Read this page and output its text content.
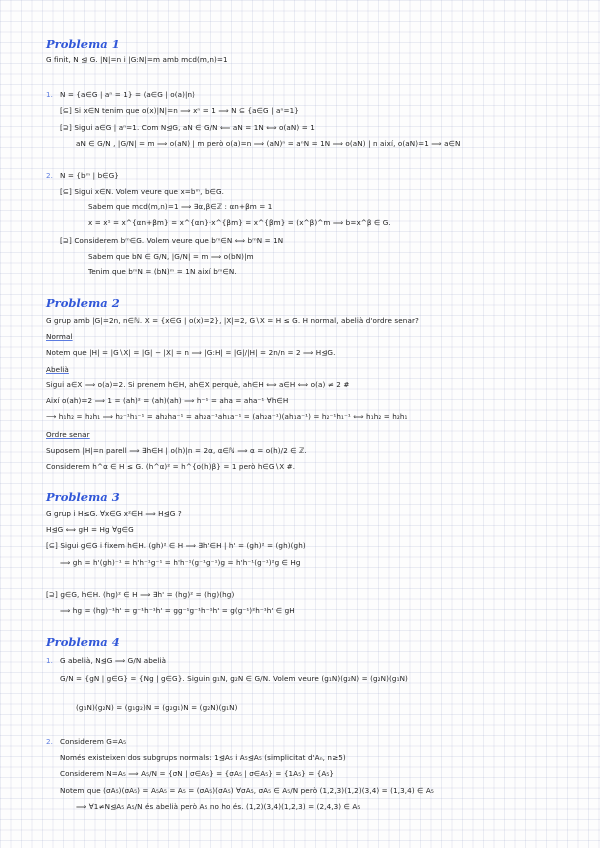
Problema 1
G finit, N ⊴ G. |N|=n i |G:N|=m amb mcd(m,n)=1
1. N = {a∈G | aⁿ = 1} = ⟨a∈G | o(a)|n⟩
[⊆] Si x∈N tenim que o(x)|N|=n ⟹ xⁿ = 1 ⟹ N ⊆ {a∈G | aⁿ=1}
[⊇] Sigui a∈G | aⁿ=1. Com N⊴G, aN ∈ G/N ⟸ aN = 1N ⟺ o(aN) = 1
aN ∈ G/N , |G/N| = m ⟹ o(aN) | m però o(a)=n ⟹ (aN)ⁿ = aⁿN = 1N ⟹ o(aN) | n així, o(aN)=1 ⟹ a∈N
2. N = {bᵐ | b∈G}
[⊆] Sigui x∈N. Volem veure que x=bᵐ, b∈G.
Sabem que mcd(m,n)=1 ⟹ ∃α,β∈ℤ : αn+βm = 1
x = x¹ = x^{αn+βm} = x^{αn}·x^{βm} = x^{βm} = (x^β)^m ⟹ b=x^β ∈ G.
[⊇] Considerem bᵐ∈G. Volem veure que bᵐ∈N ⟺ bᵐN = 1N
Sabem que bN ∈ G/N, |G/N| = m ⟹ o(bN)|m
Tenim que bᵐN = (bN)ᵐ = 1N així bᵐ∈N.
Problema 2
G grup amb |G|=2n, n∈ℕ. X = {x∈G | o(x)=2}, |X|=2, G∖X = H ≤ G. H normal, abelià d'ordre senar?
Normal
Notem que |H| = |G∖X| = |G| − |X| = n ⟹ |G:H| = |G|/|H| = 2n/n = 2 ⟹ H⊴G.
Abelià
Sigui a∈X ⟹ o(a)=2. Si prenem h∈H, ah∈X perquè, ah∈H ⟺ a∈H ⟺ o(a) ≠ 2 #
Així o(ah)=2 ⟹ 1 = (ah)² = (ah)(ah) ⟹ h⁻¹ = aha = aha⁻¹ ∀h∈H
⟶ h₁h₂ = h₂h₁ ⟹ h₂⁻¹h₁⁻¹ = ah₂ha⁻¹ = ah₂a⁻¹ah₁a⁻¹ = (ah₂a⁻¹)(ah₁a⁻¹) = h₂⁻¹h₁⁻¹ ⟺ h₁h₂ = h₂h₁
Ordre senar
Suposem |H|=n parell ⟹ ∃h∈H | o(h)|n = 2α, α∈ℕ ⟹ α = o(h)/2 ∈ ℤ.
Considerem h^α ∈ H ≤ G. (h^α)² = h^{o(h)β} = 1 però h∈G∖X #.
Problema 3
G grup i H≤G. ∀x∈G x²∈H ⟹ H⊴G ?
H⊴G ⟺ gH = Hg ∀g∈G
[⊆] Sigui g∈G i fixem h∈H. (gh)² ∈ H ⟹ ∃h'∈H | h' = (gh)² = (gh)(gh)
⟹ gh = h'(gh)⁻¹ = h'h⁻¹g⁻¹ = h'h⁻¹(g⁻¹g⁻¹)g = h'h⁻¹(g⁻¹)²g ∈ Hg
[⊇] g∈G, h∈H. (hg)² ∈ H ⟹ ∃h' = (hg)² = (hg)(hg)
⟹ hg = (hg)⁻¹h' = g⁻¹h⁻¹h' = gg⁻¹g⁻¹h⁻¹h' = g(g⁻¹)²h⁻¹h' ∈ gH
Problema 4
1. G abelià, N⊴G ⟹ G/N abelià
G/N = {gN | g∈G} = {Ng | g∈G}. Siguin g₁N, g₂N ∈ G/N. Volem veure (g₁N)(g₂N) = (g₂N)(g₁N)
(g₁N)(g₂N) = (g₁g₂)N = (g₂g₁)N = (g₂N)(g₁N)
2. Considerem G=A₅
Només existeixen dos subgrups normals: 1⊴A₅ i A₅⊴A₅ (simplicitat d'Aₙ, n≥5)
Considerem N=A₅ ⟹ A₅/N = {σN | σ∈A₅} = {σA₅ | σ∈A₅} = {1A₅} = {A₅}
Notem que (σA₅)(σA₅) = A₅A₅ = A₅ = (σA₅)(σA₅) ∀σA₅, σA₅ ∈ A₅/N però (1,2,3)(1,2)(3,4) = (1,3,4) ∈ A₅
⟹ ∀1≠N⊴A₅ A₅/N és abelià però A₅ no ho és. (1,2)(3,4)(1,2,3) = (2,4,3) ∈ A₅
